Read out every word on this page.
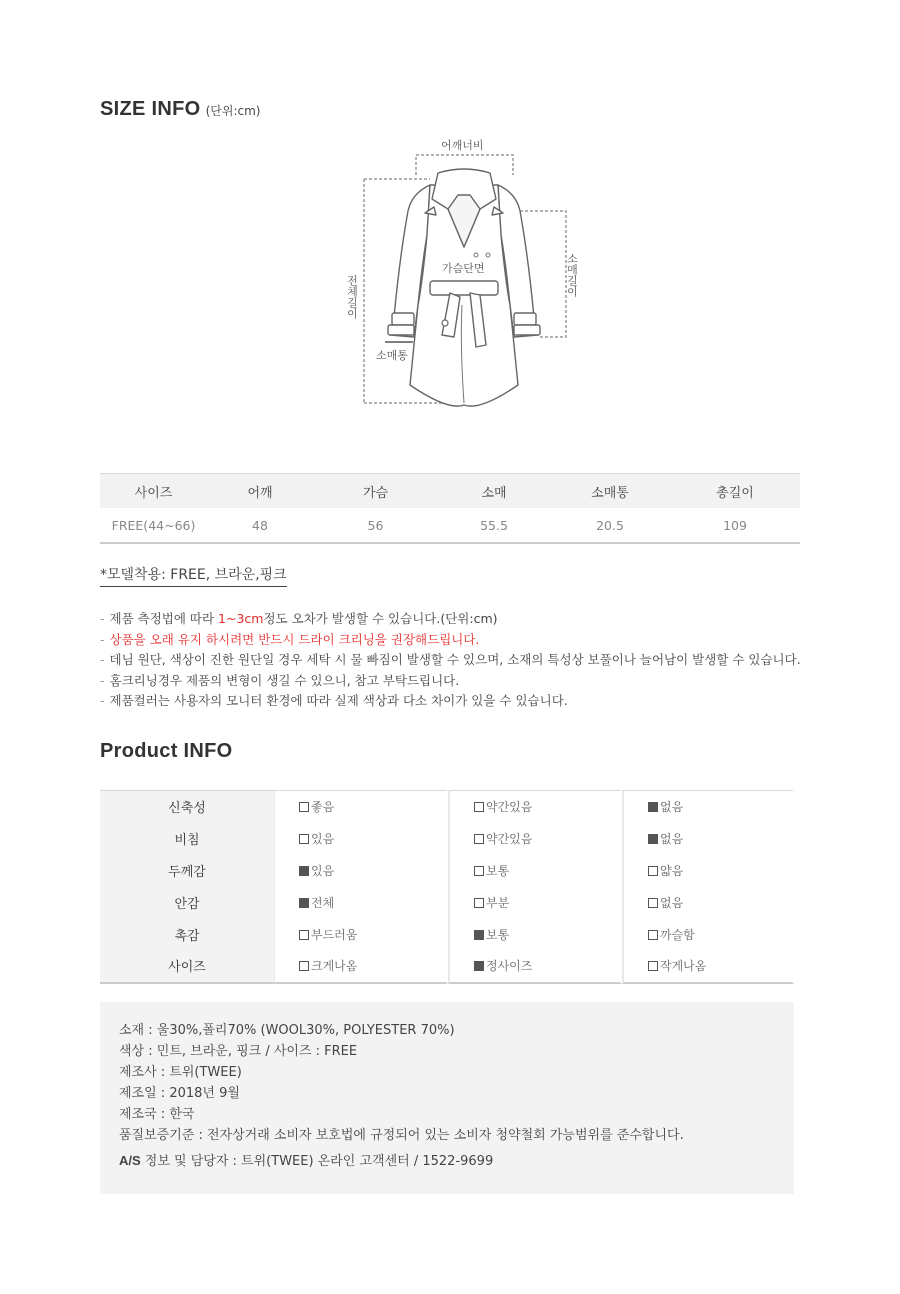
SIZE INFO (단위:cm)
어깨너비
가슴단면
소매통
소매길이
전체길이
사이즈	어깨	가슴	소매	소매통	총길이
FREE(44~66)	48	56	55.5	20.5	109
*모델착용: FREE, 브라운,핑크
- 제품 측정법에 따라 1~3cm정도 오차가 발생할 수 있습니다.(단위:cm)
- 상품을 오래 유지 하시려면 반드시 드라이 크리닝을 권장해드립니다.
- 데님 원단, 색상이 진한 원단일 경우 세탁 시 물 빠짐이 발생할 수 있으며, 소재의 특성상 보풀이나 늘어남이 발생할 수 있습니다.
- 홈크리닝경우 제품의 변형이 생길 수 있으니, 참고 부탁드립니다.
- 제품컬러는 사용자의 모니터 환경에 따라 실제 색상과 다소 차이가 있을 수 있습니다.
Product INFO
신축성	좋음	약간있음	없음
비침	있음	약간있음	없음
두께감	있음	보통	얇음
안감	전체	부분	없음
촉감	부드러움	보통	까슬함
사이즈	크게나옴	정사이즈	작게나옴
소재 : 울30%,폴리70% (WOOL30%, POLYESTER 70%)
색상 : 민트, 브라운, 핑크 / 사이즈 : FREE
제조사 : 트위(TWEE)
제조일 : 2018년 9월
제조국 : 한국
품질보증기준 : 전자상거래 소비자 보호법에 규정되어 있는 소비자 청약철회 가능범위를 준수합니다.
A/S 정보 및 담당자 : 트위(TWEE) 온라인 고객센터 / 1522-9699
